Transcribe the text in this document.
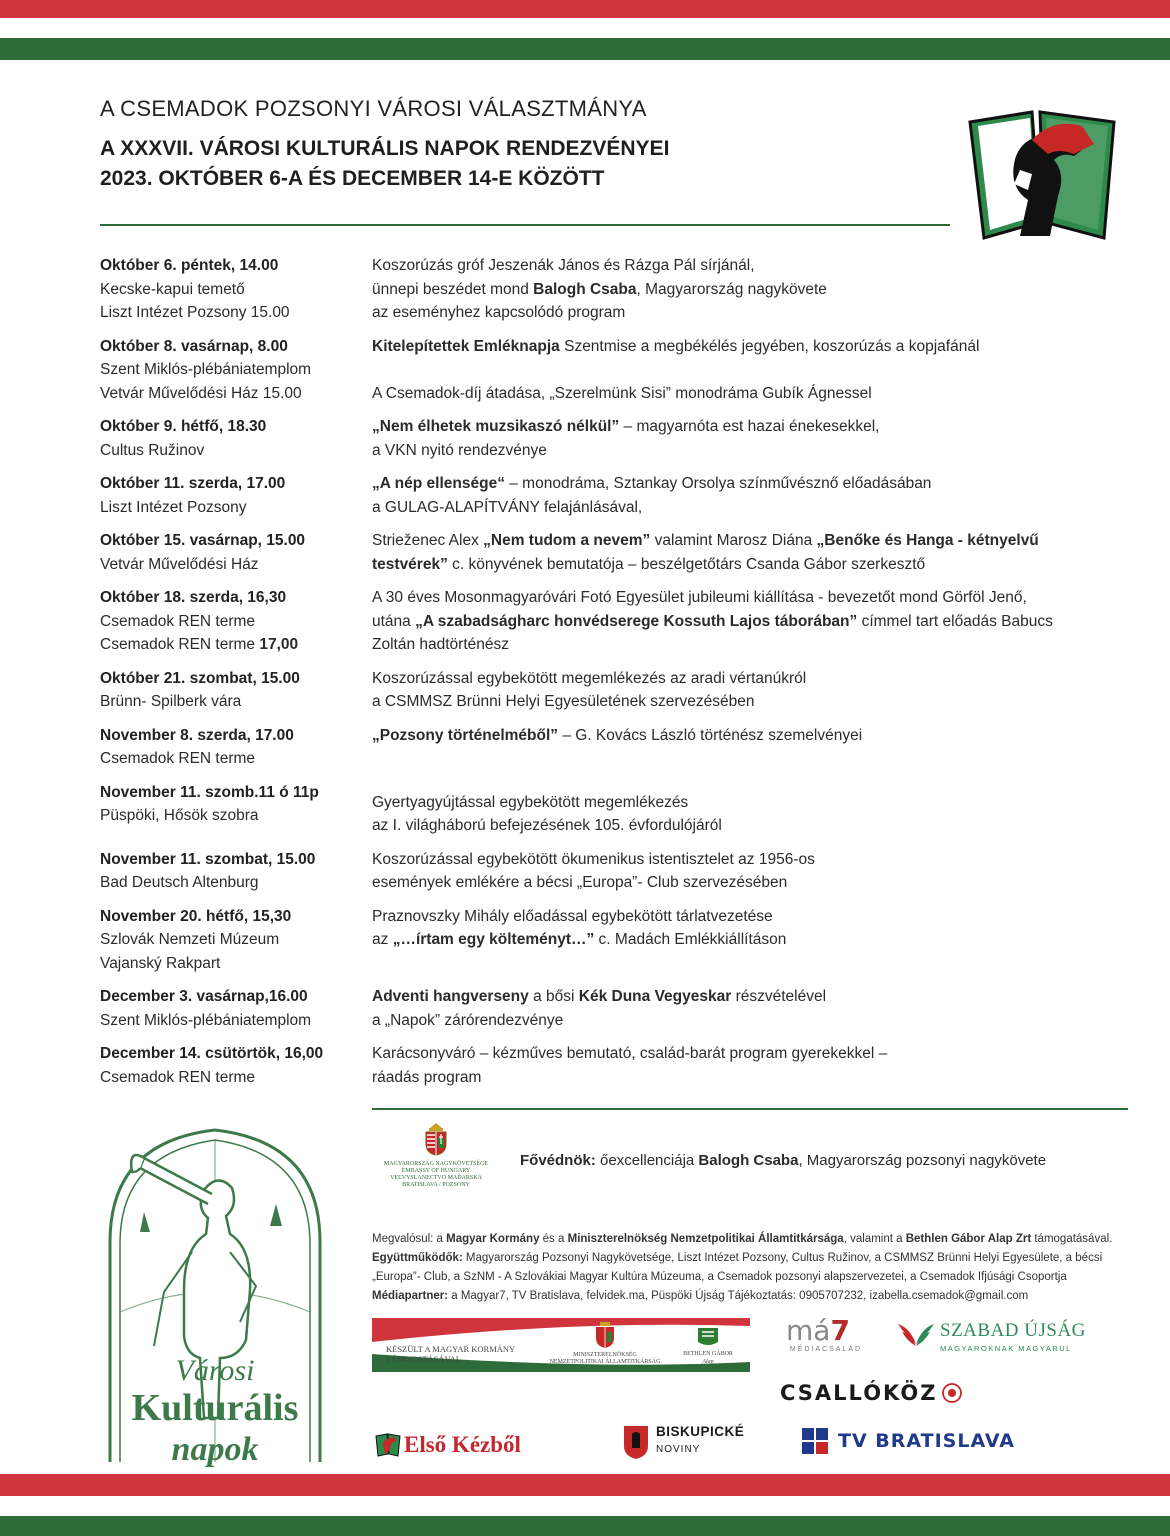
A CSEMADOK POZSONYI VÁROSI VÁLASZTMÁNYA
A XXXVII. VÁROSI KULTURÁLIS NAPOK RENDEZVÉNYEI
2023. OKTÓBER 6-A ÉS DECEMBER 14-E KÖZÖTT
Október 6. péntek, 14.00
Kecske-kapui temető
Liszt Intézet Pozsony 15.00
Koszorúzás gróf Jeszenák János és Rázga Pál sírjánál,
ünnepi beszédet mond Balogh Csaba, Magyarország nagykövete
az eseményhez kapcsolódó program
Október 8. vasárnap, 8.00
Szent Miklós-plébániatemplom
Vetvár Művelődési Ház 15.00
Kitelepítettek Emléknapja Szentmise a megbékélés jegyében, koszorúzás a kopjafánál

A Csemadok-díj átadása, „Szerelmünk Sisi” monodráma Gubík Ágnessel
Október 9. hétfő, 18.30
Cultus Ružinov
„Nem élhetek muzsikaszó nélkül” – magyarnóta est hazai énekesekkel,
a VKN nyitó rendezvénye
Október 11. szerda, 17.00
Liszt Intézet Pozsony
„A nép ellensége“ – monodráma, Sztankay Orsolya színművésznő előadásában
a GULAG-ALAPÍTVÁNY felajánlásával,
Október 15. vasárnap, 15.00
Vetvár Művelődési Ház
Strieženec Alex „Nem tudom a nevem” valamint Marosz Diána „Benőke és Hanga - kétnyelvű
testvérek” c. könyvének bemutatója – beszélgetőtárs Csanda Gábor szerkesztő
Október 18. szerda, 16,30
Csemadok REN terme
Csemadok REN terme 17,00
A 30 éves Mosonmagyaróvári Fotó Egyesület jubileumi kiállítása - bevezetőt mond Görföl Jenő,
utána „A szabadságharc honvédserege Kossuth Lajos táborában” címmel tart előadás Babucs
Zoltán hadtörténész
Október 21. szombat, 15.00
Brünn- Spilberk vára
Koszorúzással egybekötött megemlékezés az aradi vértanúkról
a CSMMSZ Brünni Helyi Egyesületének szervezésében
November 8. szerda, 17.00
Csemadok REN terme
„Pozsony történelméből” – G. Kovács László történész szemelvényei
November 11. szomb.11 ó 11p
Püspöki, Hősök szobra
Gyertyagyújtással egybekötött megemlékezés
az I. világháború befejezésének 105. évfordulójáról
November 11. szombat, 15.00
Bad Deutsch Altenburg
Koszorúzással egybekötött ökumenikus istentisztelet az 1956-os
események emlékére a bécsi „Europa”- Club szervezésében
November 20. hétfő, 15,30
Szlovák Nemzeti Múzeum
Vajanský Rakpart
Praznovszky Mihály előadással egybekötött tárlatvezetése
az „…írtam egy költeményt…” c. Madách Emlékkiállításon
December 3. vasárnap,16.00
Szent Miklós-plébániatemplom
Adventi hangverseny a bősi Kék Duna Vegyeskar részvételével
a „Napok” zárórendezvénye
December 14. csütörtök, 16,00
Csemadok REN terme
Karácsonyváró – kézműves bemutató, család-barát program gyerekekkel –
ráadás program
MAGYARORSZÁG NAGYKÖVETSÉGE
EMBASSY OF HUNGARY
VEĽVYSLANECTVO MAĎARSKA
BRATISLAVA / POZSONY
Fővédnök: őexcellenciája Balogh Csaba, Magyarország pozsonyi nagykövete
Megvalósul: a Magyar Kormány és a Miniszterelnökség Nemzetpolitikai Államtitkársága, valamint a Bethlen Gábor Alap Zrt támogatásával.
Együttműködők: Magyarország Pozsonyi Nagykövetsége, Liszt Intézet Pozsony, Cultus Ružinov, a CSMMSZ Brünni Helyi Egyesülete, a bécsi „Europa”- Club, a SzNM - A Szlovákiai Magyar Kultúra Múzeuma, a Csemadok pozsonyi alapszervezetei, a Csemadok Ifjúsági Csoportja Médiapartner: a Magyar7, TV Bratislava, felvidek.ma, Püspöki Újság Tájékoztatás: 0905707232, izabella.csemadok@gmail.com
Városi
Kulturális
napok
KÉSZÜLT A MAGYAR KORMÁNY
TÁMOGATÁSÁVAL	MINISZTERELNÖKSÉG
NEMZETPOLITIKAI ÁLLAMTITKÁRSÁG
BETHLEN GÁBOR
Alap
má7
MÉDIACSALÁD
SZABAD ÚJSÁG
MAGYAROKNAK MAGYARUL
CSALLÓKÖZ
Első Kézből
BISKUPICKÉ
NOVINY	TV BRATISLAVA
